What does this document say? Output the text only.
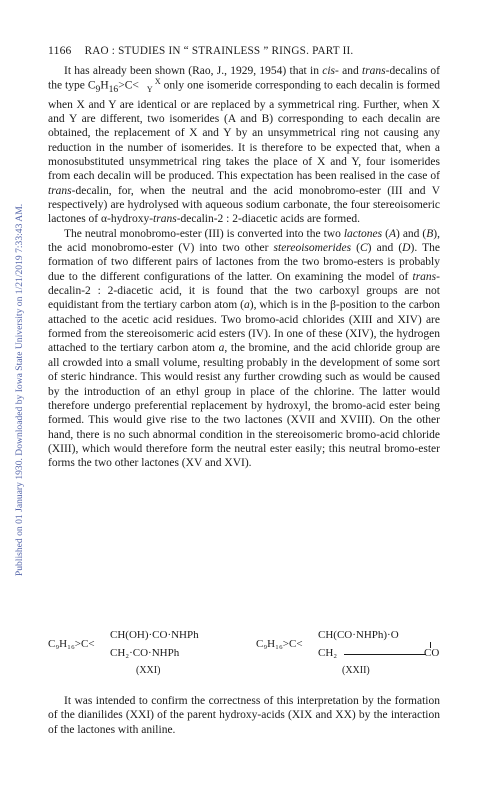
1166 RAO : STUDIES IN “ STRAINLESS ” RINGS. PART II.
Published on 01 January 1930. Downloaded by Iowa State University on 1/21/2019 7:33:43 AM.

It has already been shown (Rao, J., 1929, 1954) that in cis- and trans-decalins of the type $C_9H_{16}>C< X$
Y only one isomeride corresponding to each decalin is formed when X and Y are identical or are replaced by a symmetrical ring. Further, when X and Y are different, two isomerides (A and B) corresponding to each decalin are obtained, the replacement of X and Y by an unsymmetrical ring not causing any reduction in the number of isomerides. It is therefore to be expected that, when a monosubstituted unsymmetrical ring takes the place of X and Y, four isomerides from each decalin will be produced. This expectation has been realised in the case of trans-decalin, for, when the neutral and the acid monobromo-ester (III and V respectively) are hydrolysed with aqueous sodium carbonate, the four stereoisomeric lactones of α-hydroxy-trans-decalin-2 : 2-diacetic acids are formed.

The neutral monobromo-ester (III) is converted into the two lactones (A) and (B), the acid monobromo-ester (V) into two other stereoisomerides (C) and (D). The formation of two different pairs of lactones from the two bromo-esters is probably due to the different configurations of the latter. On examining the model of trans-decalin-2 : 2-diacetic acid, it is found that the two carboxyl groups are not equidistant from the tertiary carbon atom (a), which is in the β-position to the carbon attached to the acetic acid residues. Two bromo-acid chlorides (XIII and XIV) are formed from the stereoisomeric acid esters (IV). In one of these (XIV), the hydrogen attached to the tertiary carbon atom a, the bromine, and the acid chloride group are all crowded into a small volume, resulting probably in the development of some sort of steric hindrance. This would resist any further crowding such as would be caused by the introduction of an ethyl group in place of the chlorine. The latter would therefore undergo preferential replacement by hydroxyl, the bromo-acid ester being formed. This would give rise to the two lactones (XVII and XVIII). On the other hand, there is no such abnormal condition in the stereoisomeric bromo-acid chloride (XIII), which would therefore form the neutral ester easily; this neutral bromo-ester forms the two other lactones (XV and XVI).

C₉H₁₆>C<
CH(OH)·CO·NHPh
CH₂·CO·NHPh
(XXI)
C₉H₁₆>C<
CH(CO·NHPh)·O
CH₂	CO
(XXII)

It was intended to confirm the correctness of this interpretation by the formation of the dianilides (XXI) of the parent hydroxy-acids (XIX and XX) by the interaction of the lactones with aniline.
